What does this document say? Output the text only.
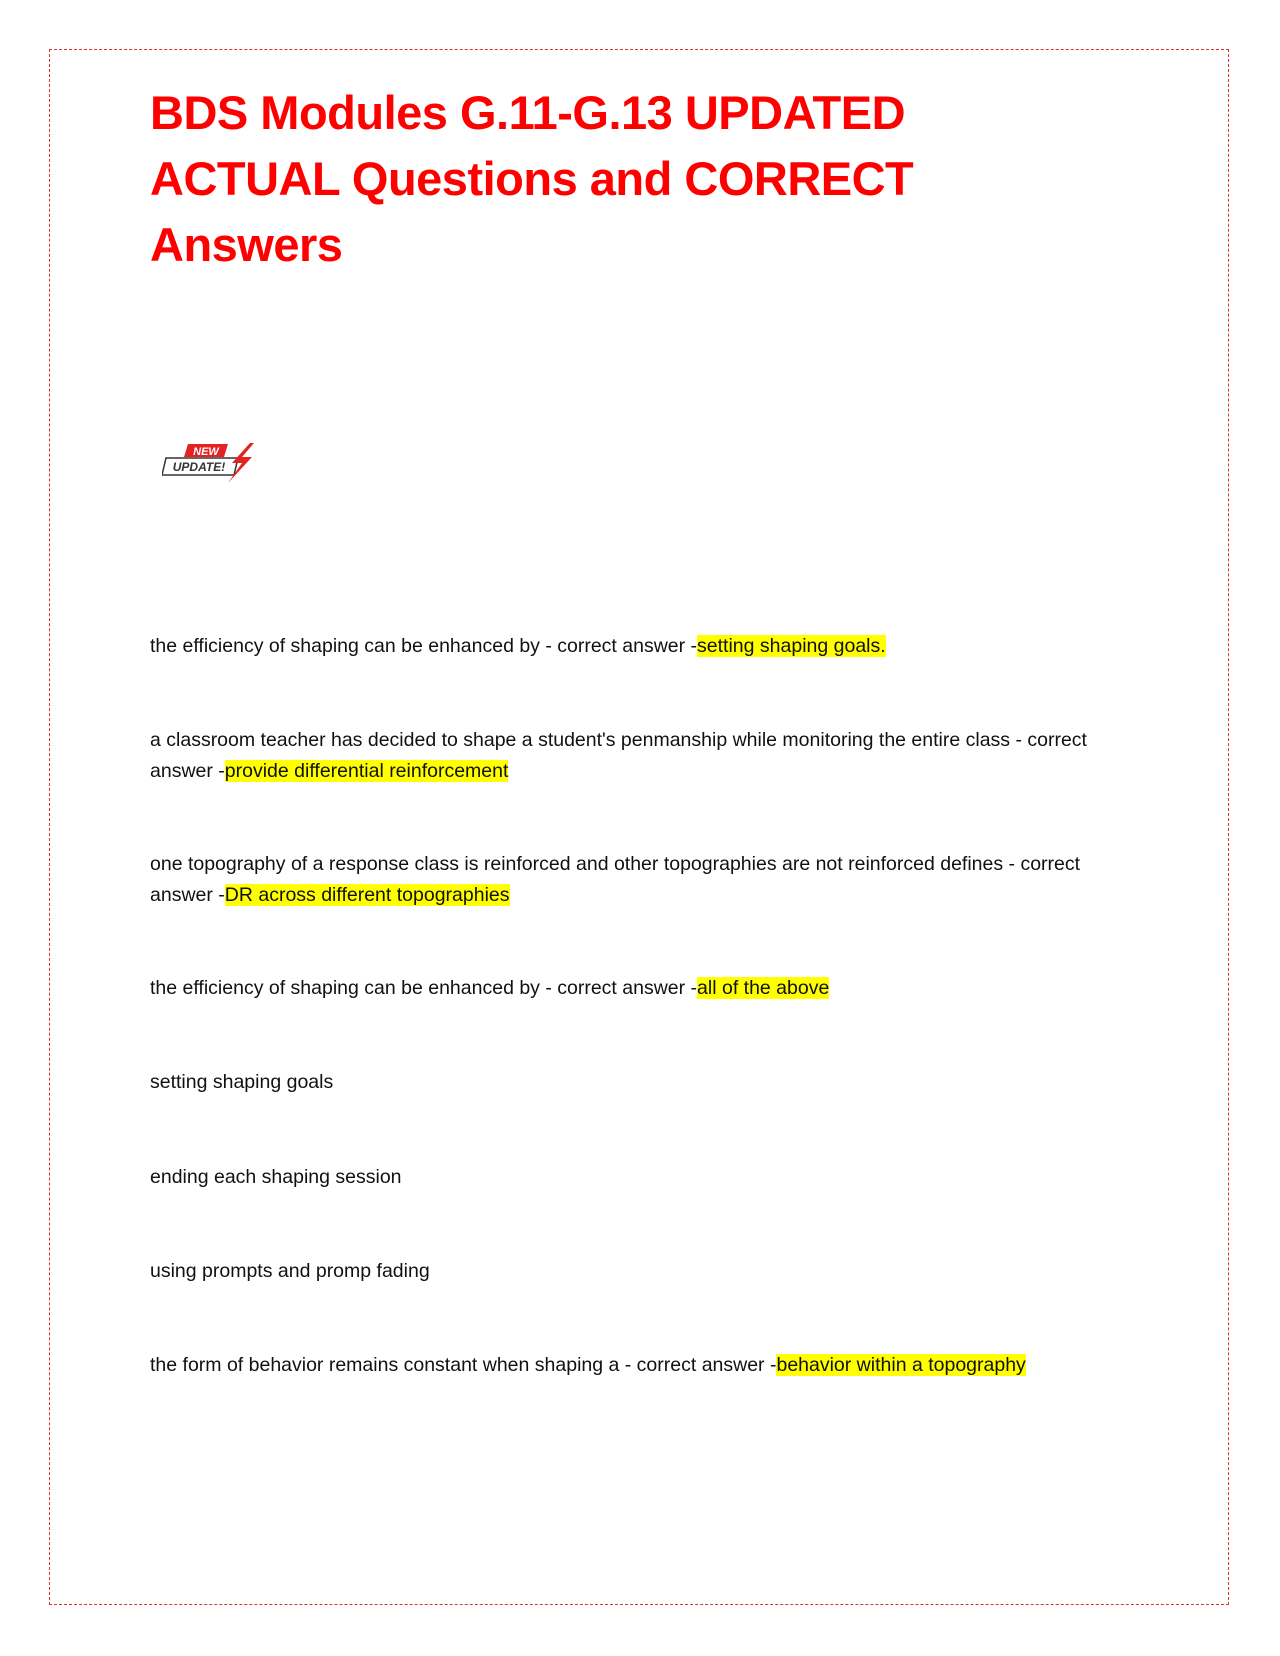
BDS Modules G.11-G.13 UPDATED ACTUAL Questions and CORRECT Answers
NEW
UPDATE!

the efficiency of shaping can be enhanced by - correct answer -setting shaping goals.

a classroom teacher has decided to shape a student's penmanship while monitoring the entire class - correct answer -provide differential reinforcement

one topography of a response class is reinforced and other topographies are not reinforced defines - correct answer -DR across different topographies

the efficiency of shaping can be enhanced by - correct answer -all of the above

setting shaping goals

ending each shaping session

using prompts and promp fading

the form of behavior remains constant when shaping a - correct answer -behavior within a topography
